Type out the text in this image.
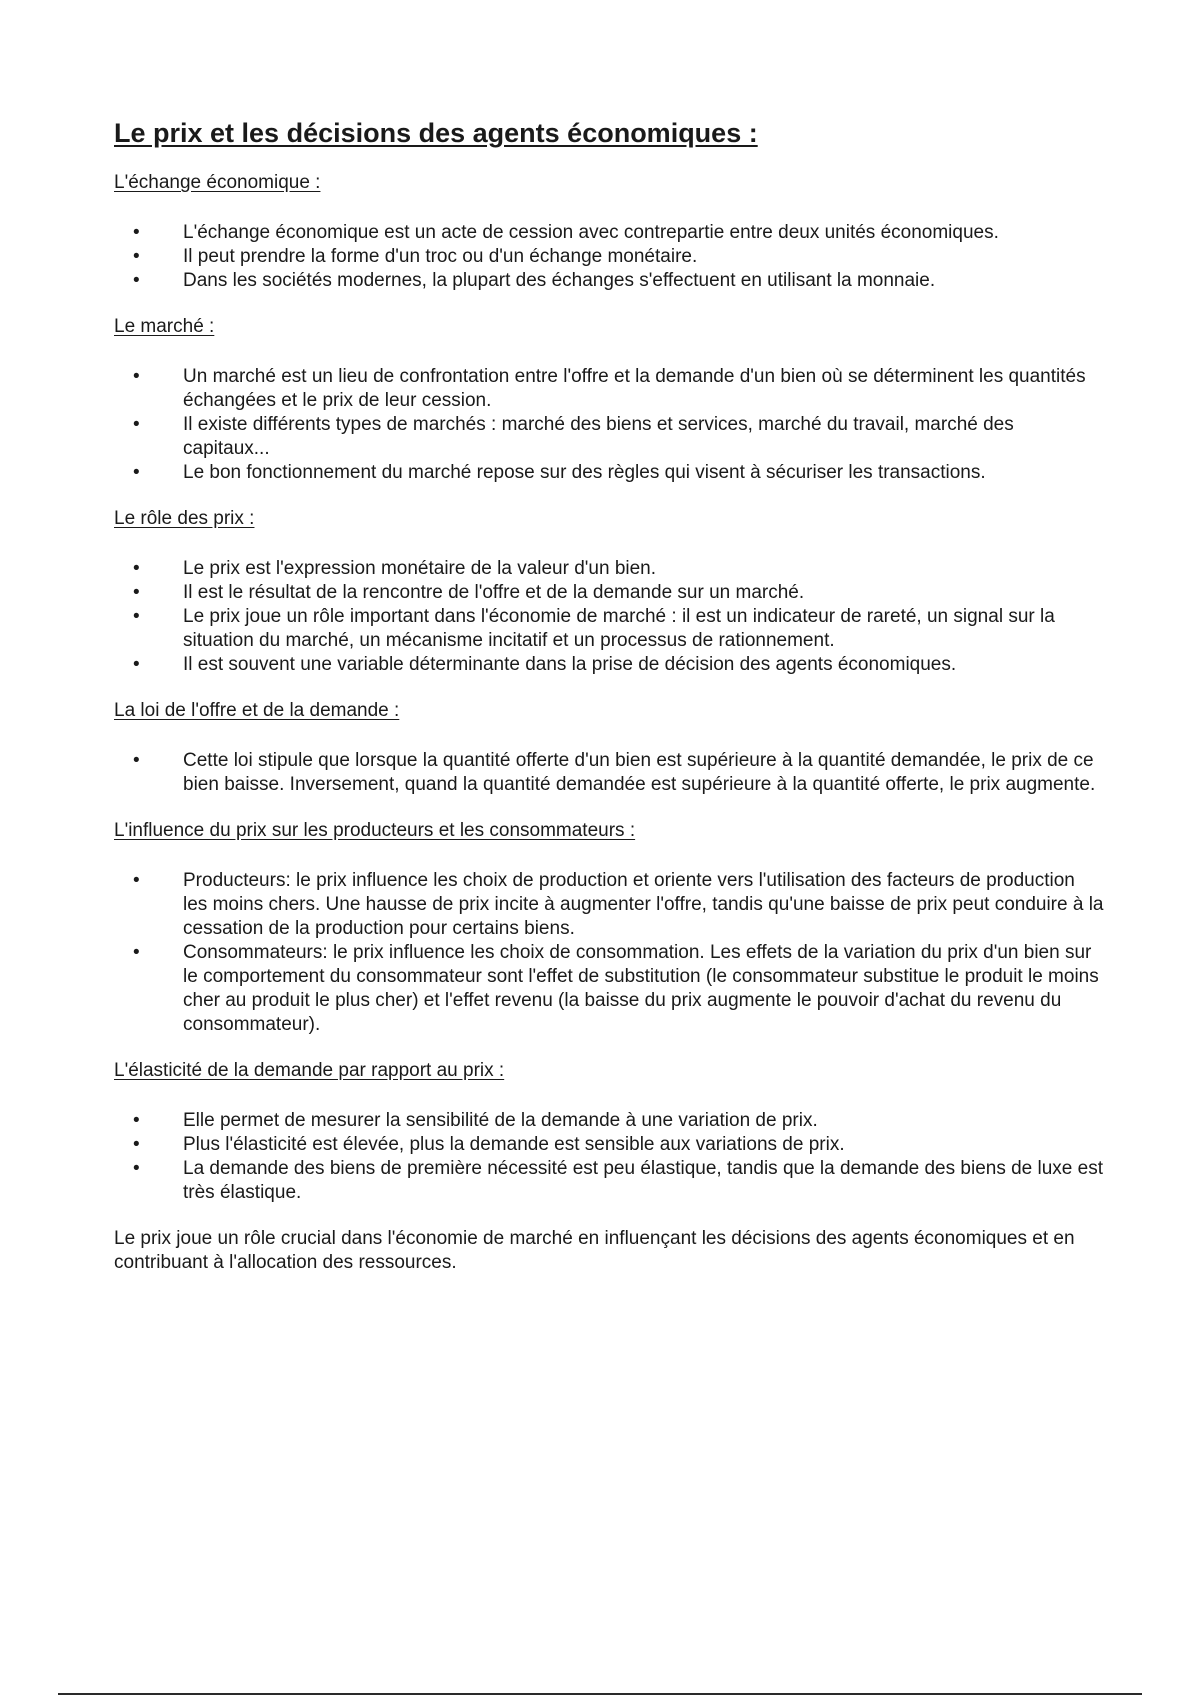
Le prix et les décisions des agents économiques :

L'échange économique :

• L'échange économique est un acte de cession avec contrepartie entre deux unités économiques.
• Il peut prendre la forme d'un troc ou d'un échange monétaire.
• Dans les sociétés modernes, la plupart des échanges s'effectuent en utilisant la monnaie.

Le marché :

• Un marché est un lieu de confrontation entre l'offre et la demande d'un bien où se déterminent les quantités échangées et le prix de leur cession.
• Il existe différents types de marchés : marché des biens et services, marché du travail, marché des capitaux...
• Le bon fonctionnement du marché repose sur des règles qui visent à sécuriser les transactions.

Le rôle des prix :

• Le prix est l'expression monétaire de la valeur d'un bien.
• Il est le résultat de la rencontre de l'offre et de la demande sur un marché.
• Le prix joue un rôle important dans l'économie de marché : il est un indicateur de rareté, un signal sur la situation du marché, un mécanisme incitatif et un processus de rationnement.
• Il est souvent une variable déterminante dans la prise de décision des agents économiques.

La loi de l'offre et de la demande :

• Cette loi stipule que lorsque la quantité offerte d'un bien est supérieure à la quantité demandée, le prix de ce bien baisse. Inversement, quand la quantité demandée est supérieure à la quantité offerte, le prix augmente.

L'influence du prix sur les producteurs et les consommateurs :

• Producteurs: le prix influence les choix de production et oriente vers l'utilisation des facteurs de production les moins chers. Une hausse de prix incite à augmenter l'offre, tandis qu'une baisse de prix peut conduire à la cessation de la production pour certains biens.
• Consommateurs: le prix influence les choix de consommation. Les effets de la variation du prix d'un bien sur le comportement du consommateur sont l'effet de substitution (le consommateur substitue le produit le moins cher au produit le plus cher) et l'effet revenu (la baisse du prix augmente le pouvoir d'achat du revenu du consommateur).

L'élasticité de la demande par rapport au prix :

• Elle permet de mesurer la sensibilité de la demande à une variation de prix.
• Plus l'élasticité est élevée, plus la demande est sensible aux variations de prix.
• La demande des biens de première nécessité est peu élastique, tandis que la demande des biens de luxe est très élastique.

Le prix joue un rôle crucial dans l'économie de marché en influençant les décisions des agents économiques et en contribuant à l'allocation des ressources.
